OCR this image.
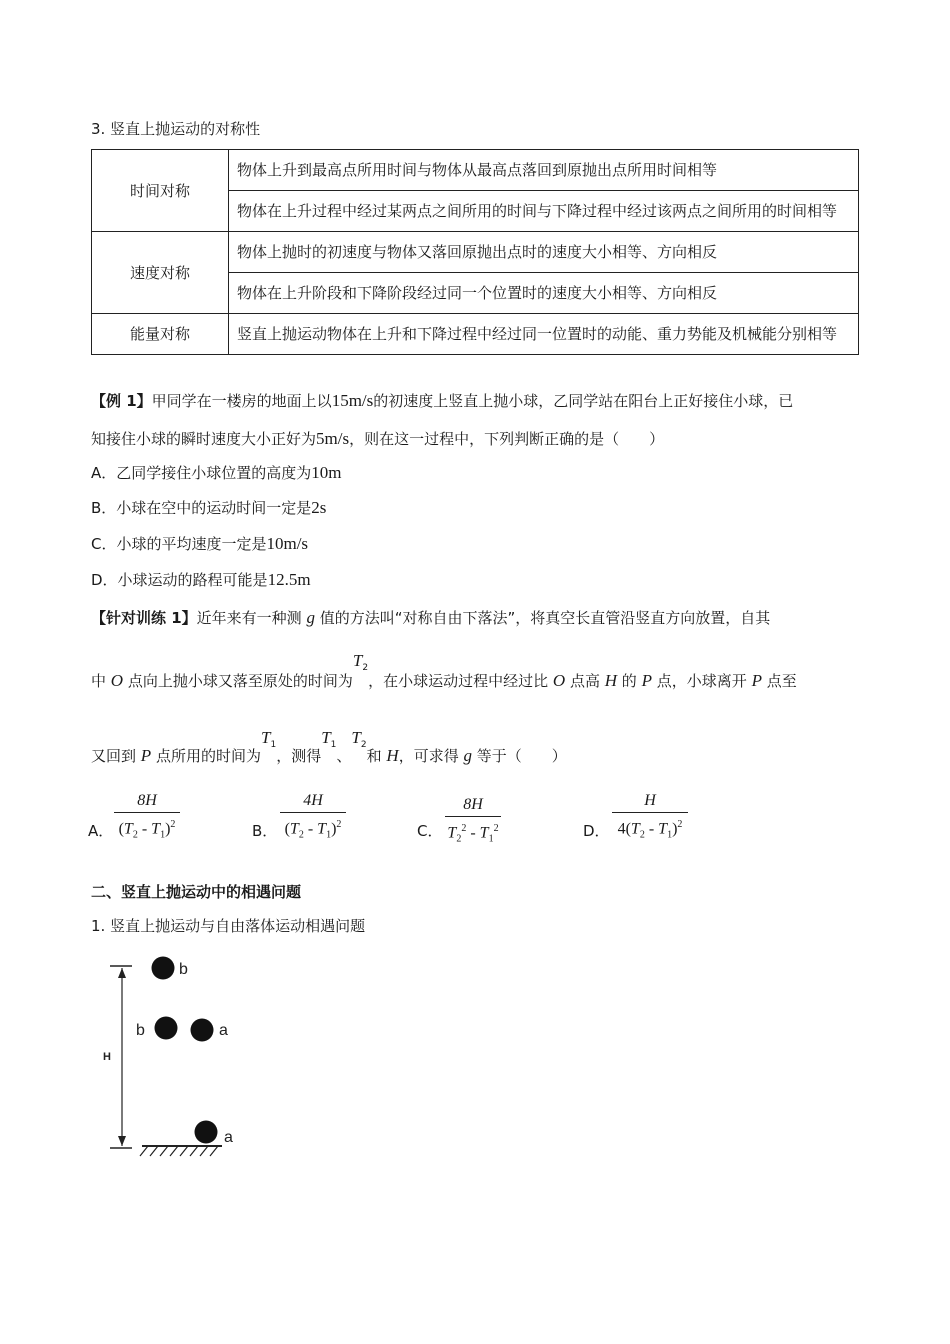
3. 竖直上抛运动的对称性
时间对称	物体上升到最高点所用时间与物体从最高点落回到原抛出点所用时间相等
	物体在上升过程中经过某两点之间所用的时间与下降过程中经过该两点之间所用的时间相等
速度对称	物体上抛时的初速度与物体又落回原抛出点时的速度大小相等、方向相反
	物体在上升阶段和下降阶段经过同一个位置时的速度大小相等、方向相反
能量对称	竖直上抛运动物体在上升和下降过程中经过同一位置时的动能、重力势能及机械能分别相等
【例 1】甲同学在一楼房的地面上以15m/s的初速度上竖直上抛小球，乙同学站在阳台上正好接住小球，已
知接住小球的瞬时速度大小正好为5m/s，则在这一过程中，下列判断正确的是（　　）
A．乙同学接住小球位置的高度为10m
B．小球在空中的运动时间一定是2s
C．小球的平均速度一定是10m/s
D．小球运动的路程可能是12.5m
【针对训练 1】近年来有一种测 g 值的方法叫“对称自由下落法”，将真空长直管沿竖直方向放置，自其
中 O 点向上抛小球又落至原处的时间为$T_2$，在小球运动过程中经过比 O 点高 H 的 P 点，小球离开 P 点至
又回到 P 点所用的时间为$T_1$，测得$T_1$、$T_2$和 H，可求得 g 等于（　　）
A．
8H
$(T_2 - T_1)^2$	B．
4H
$(T_2 - T_1)^2$	C．
8H
$T_2^2 - T_1^2$	D．
H
$4(T_2 - T_1)^2$
二、竖直上抛运动中的相遇问题
1. 竖直上抛运动与自由落体运动相遇问题
H
b
b	a
a
